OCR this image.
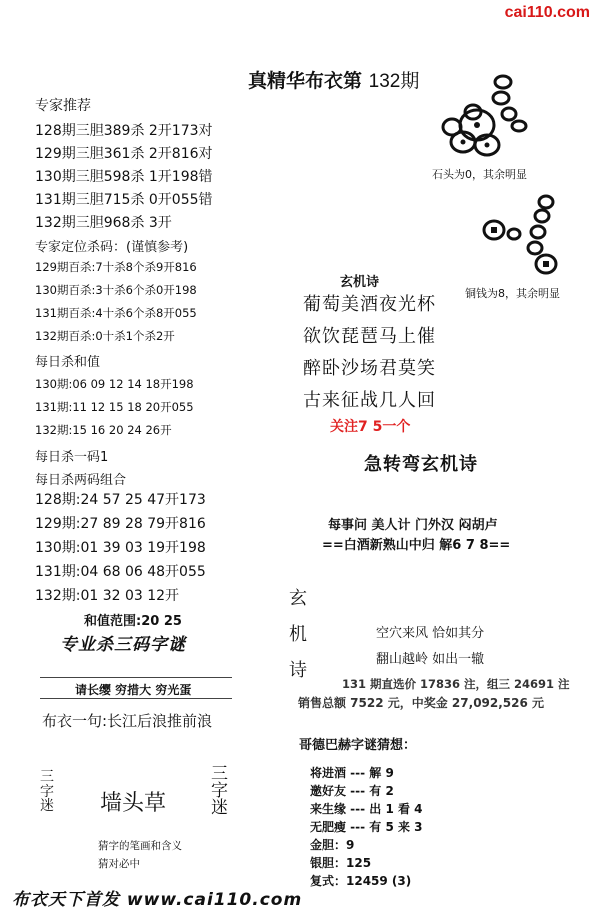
cai110.com
真精华布衣第 132期
专家推荐
128期三胆389杀 2开173对
129期三胆361杀 2开816对
130期三胆598杀 1开198错
131期三胆715杀 0开055错
132期三胆968杀 3开
专家定位杀码：(谨慎参考)
129期百杀:7十杀8个杀9开816
130期百杀:3十杀6个杀0开198
131期百杀:4十杀6个杀8开055
132期百杀:0十杀1个杀2开
每日杀和值
130期:06 09 12 14 18开198
131期:11 12 15 18 20开055
132期:15 16 20 24 26开
每日杀一码1
每日杀两码组合
128期:24 57 25 47开173
129期:27 89 28 79开816
130期:01 39 03 19开198
131期:04 68 06 48开055
132期:01 32 03 12开
和值范围:20 25
专业杀三码字谜
请长缨 穷措大 穷光蛋
布衣一句:长江后浪推前浪
三字迷 墙头草
三字迷
猜字的笔画和含义
猜对必中
布衣天下首发 www.cai110.com
石头为0，其余明显
铜钱为8，其余明显
玄机诗
葡萄美酒夜光杯
欲饮琵琶马上催
醉卧沙场君莫笑
古来征战几人回
关注7 5一个
急转弯玄机诗
每事问 美人计 门外汉 闷胡卢
==白酒新熟山中归 解6 7 8==
玄
机
诗
空穴来风 恰如其分
翻山越岭 如出一辙
131 期直选价 17836 注，组三 24691 注
销售总额 7522 元，中奖金 27,092,526 元
哥德巴赫字谜猜想：
将进酒 --- 解 9
邀好友 --- 有 2
来生缘 --- 出 1 看 4
无肥瘦 --- 有 5 来 3
金胆：9
银胆：125
复式：12459 (3)
